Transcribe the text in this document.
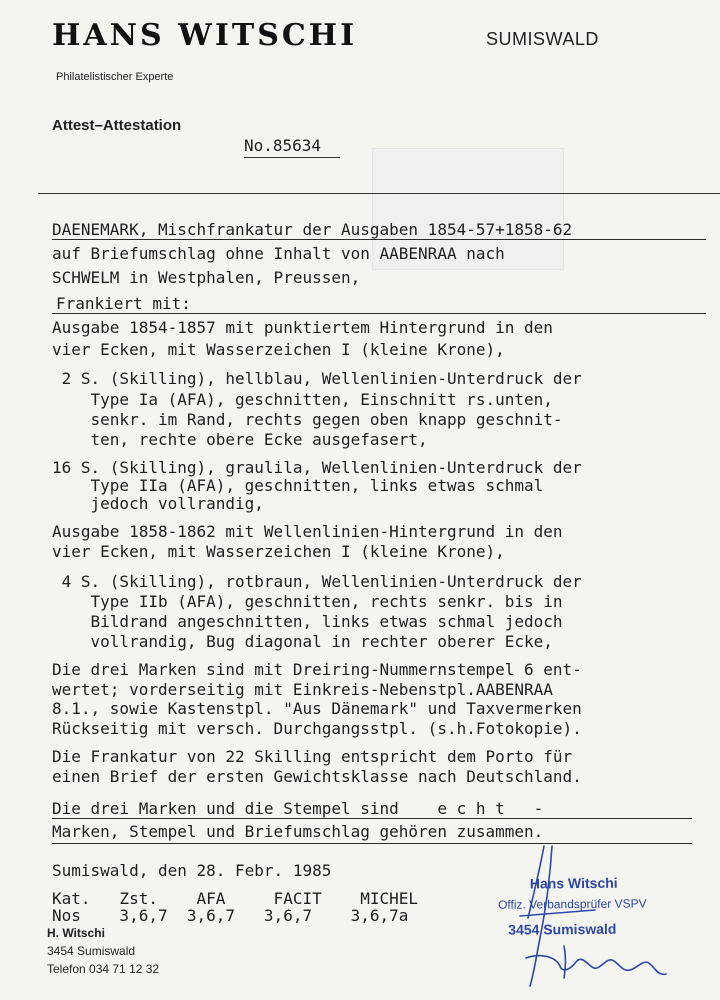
HANS WITSCHI	SUMISWALD
Philatelistischer Experte
Attest–Attestation
No.85634
DAENEMARK, Mischfrankatur der Ausgaben 1854-57+1858-62
auf Briefumschlag ohne Inhalt von AABENRAA nach
SCHWELM in Westphalen, Preussen,
Frankiert mit:
Ausgabe 1854-1857 mit punktiertem Hintergrund in den
vier Ecken, mit Wasserzeichen I (kleine Krone),
2 S. (Skilling), hellblau, Wellenlinien-Unterdruck der
Type Ia (AFA), geschnitten, Einschnitt rs.unten,
senkr. im Rand, rechts gegen oben knapp geschnit-
ten, rechte obere Ecke ausgefasert,
16 S. (Skilling), graulila, Wellenlinien-Unterdruck der
Type IIa (AFA), geschnitten, links etwas schmal
jedoch vollrandig,
Ausgabe 1858-1862 mit Wellenlinien-Hintergrund in den
vier Ecken, mit Wasserzeichen I (kleine Krone),
4 S. (Skilling), rotbraun, Wellenlinien-Unterdruck der
Type IIb (AFA), geschnitten, rechts senkr. bis in
Bildrand angeschnitten, links etwas schmal jedoch
vollrandig, Bug diagonal in rechter oberer Ecke,
Die drei Marken sind mit Dreiring-Nummernstempel 6 ent-
wertet; vorderseitig mit Einkreis-Nebenstpl.AABENRAA
8.1., sowie Kastenstpl. "Aus Dänemark" und Taxvermerken
Rückseitig mit versch. Durchgangsstpl. (s.h.Fotokopie).
Die Frankatur von 22 Skilling entspricht dem Porto für
einen Brief der ersten Gewichtsklasse nach Deutschland.
Die drei Marken und die Stempel sind    e c h t   -
Marken, Stempel und Briefumschlag gehören zusammen.
Sumiswald, den 28. Febr. 1985
Kat.   Zst.    AFA     FACIT    MICHEL
Nos    3,6,7  3,6,7   3,6,7    3,6,7a
H. Witschi
3454 Sumiswald
Telefon 034 71 12 32
Hans Witschi
Offiz. Verbandsprüfer VSPV
3454 Sumiswald
